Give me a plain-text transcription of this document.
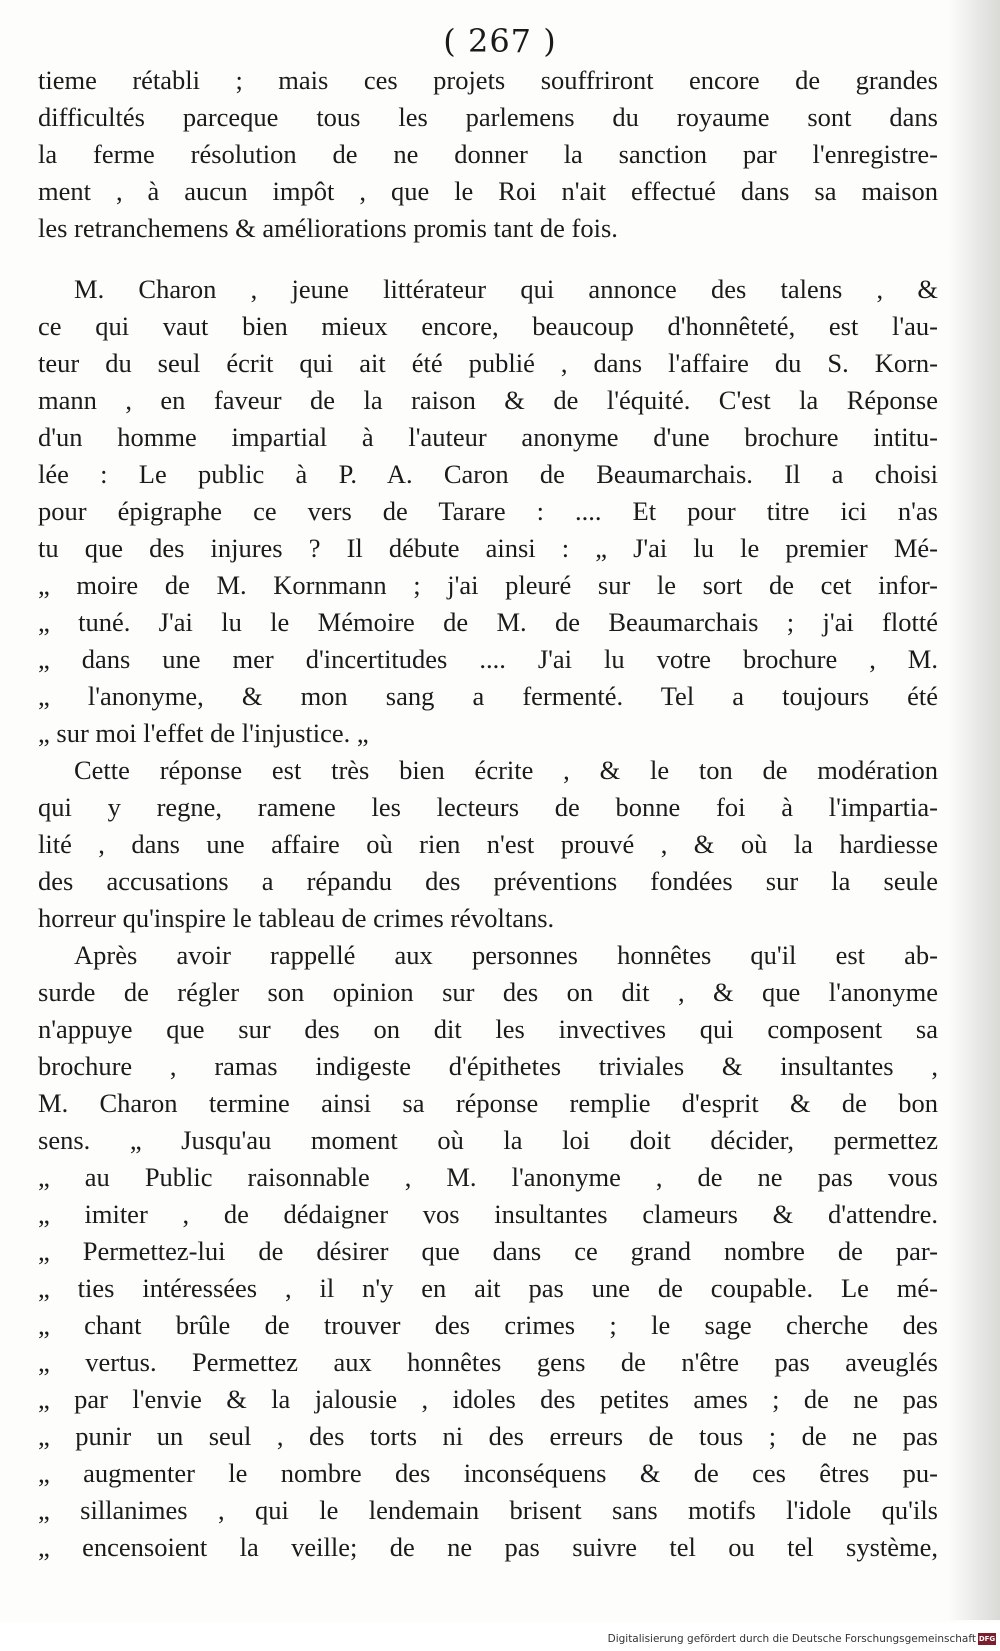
( 267 )
tieme rétabli ; mais ces projets souffriront encore de grandes
difficultés parceque tous les parlemens du royaume sont dans
la ferme résolution de ne donner la sanction par l'enregistre-
ment , à aucun impôt , que le Roi n'ait effectué dans sa maison
les retranchemens & améliorations promis tant de fois.
M. Charon , jeune littérateur qui annonce des talens , &
ce qui vaut bien mieux encore, beaucoup d'honnêteté, est l'au-
teur du seul écrit qui ait été publié , dans l'affaire du S. Korn-
mann , en faveur de la raison & de l'équité. C'est la Réponse
d'un homme impartial à l'auteur anonyme d'une brochure intitu-
lée : Le public à P. A. Caron de Beaumarchais. Il a choisi
pour épigraphe ce vers de Tarare : .... Et pour titre ici n'as
tu que des injures ? Il débute ainsi : „ J'ai lu le premier Mé-
„ moire de M. Kornmann ; j'ai pleuré sur le sort de cet infor-
„ tuné. J'ai lu le Mémoire de M. de Beaumarchais ; j'ai flotté
„ dans une mer d'incertitudes .... J'ai lu votre brochure , M.
„ l'anonyme, & mon sang a fermenté. Tel a toujours été
„ sur moi l'effet de l'injustice. „
Cette réponse est très bien écrite , & le ton de modération
qui y regne, ramene les lecteurs de bonne foi à l'impartia-
lité , dans une affaire où rien n'est prouvé , & où la hardiesse
des accusations a répandu des préventions fondées sur la seule
horreur qu'inspire le tableau de crimes révoltans.
Après avoir rappellé aux personnes honnêtes qu'il est ab-
surde de régler son opinion sur des on dit , & que l'anonyme
n'appuye que sur des on dit les invectives qui composent sa
brochure , ramas indigeste d'épithetes triviales & insultantes ,
M. Charon termine ainsi sa réponse remplie d'esprit & de bon
sens. „ Jusqu'au moment où la loi doit décider, permettez
„ au Public raisonnable , M. l'anonyme , de ne pas vous
„ imiter , de dédaigner vos insultantes clameurs & d'attendre.
„ Permettez-lui de désirer que dans ce grand nombre de par-
„ ties intéressées , il n'y en ait pas une de coupable. Le mé-
„ chant brûle de trouver des crimes ; le sage cherche des
„ vertus. Permettez aux honnêtes gens de n'être pas aveuglés
„ par l'envie & la jalousie , idoles des petites ames ; de ne pas
„ punir un seul , des torts ni des erreurs de tous ; de ne pas
„ augmenter le nombre des inconséquens & de ces êtres pu-
„ sillanimes , qui le lendemain brisent sans motifs l'idole qu'ils
„ encensoient la veille; de ne pas suivre tel ou tel système,
Digitalisierung gefördert durch die Deutsche Forschungsgemeinschaft DFG
